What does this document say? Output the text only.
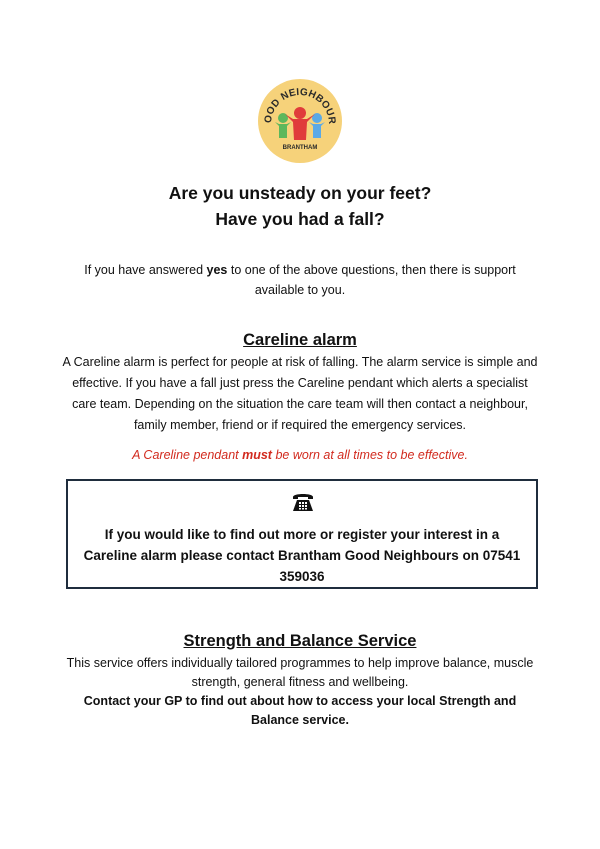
OOD NEIGHBOUR
BRANTHAM
Are you unsteady on your feet?
Have you had a fall?
If you have answered yes to one of the above questions, then there is support available to you.
Careline alarm
A Careline alarm is perfect for people at risk of falling. The alarm service is simple and effective. If you have a fall just press the Careline pendant which alerts a specialist care team. Depending on the situation the care team will then contact a neighbour, family member, friend or if required the emergency services.
A Careline pendant must be worn at all times to be effective.
If you would like to find out more or register your interest in a Careline alarm please contact Brantham Good Neighbours on 07541 359036
Strength and Balance Service
This service offers individually tailored programmes to help improve balance, muscle strength, general fitness and wellbeing.
Contact your GP to find out about how to access your local Strength and Balance service.
